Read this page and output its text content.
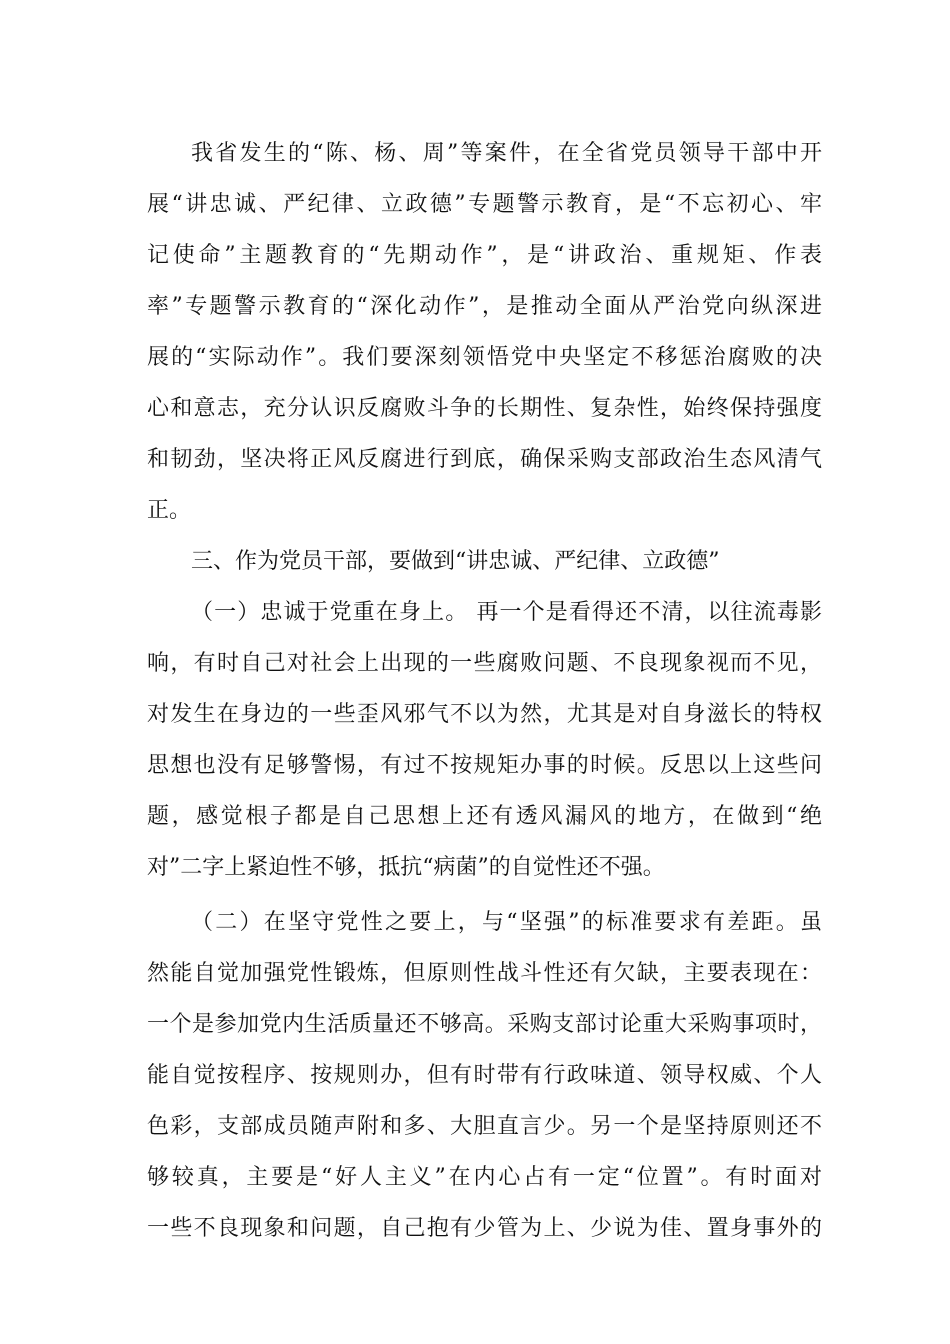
我省发生的“陈、杨、周”等案件，在全省党员领导干部中开
展“讲忠诚、严纪律、立政德”专题警示教育，是“不忘初心、牢
记使命”主题教育的“先期动作”，是“讲政治、重规矩、作表
率”专题警示教育的“深化动作”，是推动全面从严治党向纵深进
展的“实际动作”。我们要深刻领悟党中央坚定不移惩治腐败的决
心和意志，充分认识反腐败斗争的长期性、复杂性，始终保持强度
和韧劲，坚决将正风反腐进行到底，确保采购支部政治生态风清气
正。
三、作为党员干部，要做到“讲忠诚、严纪律、立政德”
（一）忠诚于党重在身上。 再一个是看得还不清，以往流毒影
响，有时自己对社会上出现的一些腐败问题、不良现象视而不见，
对发生在身边的一些歪风邪气不以为然，尤其是对自身滋长的特权
思想也没有足够警惕，有过不按规矩办事的时候。反思以上这些问
题，感觉根子都是自己思想上还有透风漏风的地方，在做到“绝
对”二字上紧迫性不够，抵抗“病菌”的自觉性还不强。
（二）在坚守党性之要上，与“坚强”的标准要求有差距。虽
然能自觉加强党性锻炼，但原则性战斗性还有欠缺，主要表现在：
一个是参加党内生活质量还不够高。采购支部讨论重大采购事项时，
能自觉按程序、按规则办，但有时带有行政味道、领导权威、个人
色彩，支部成员随声附和多、大胆直言少。另一个是坚持原则还不
够较真，主要是“好人主义”在内心占有一定“位置”。有时面对
一些不良现象和问题，自己抱有少管为上、少说为佳、置身事外的
